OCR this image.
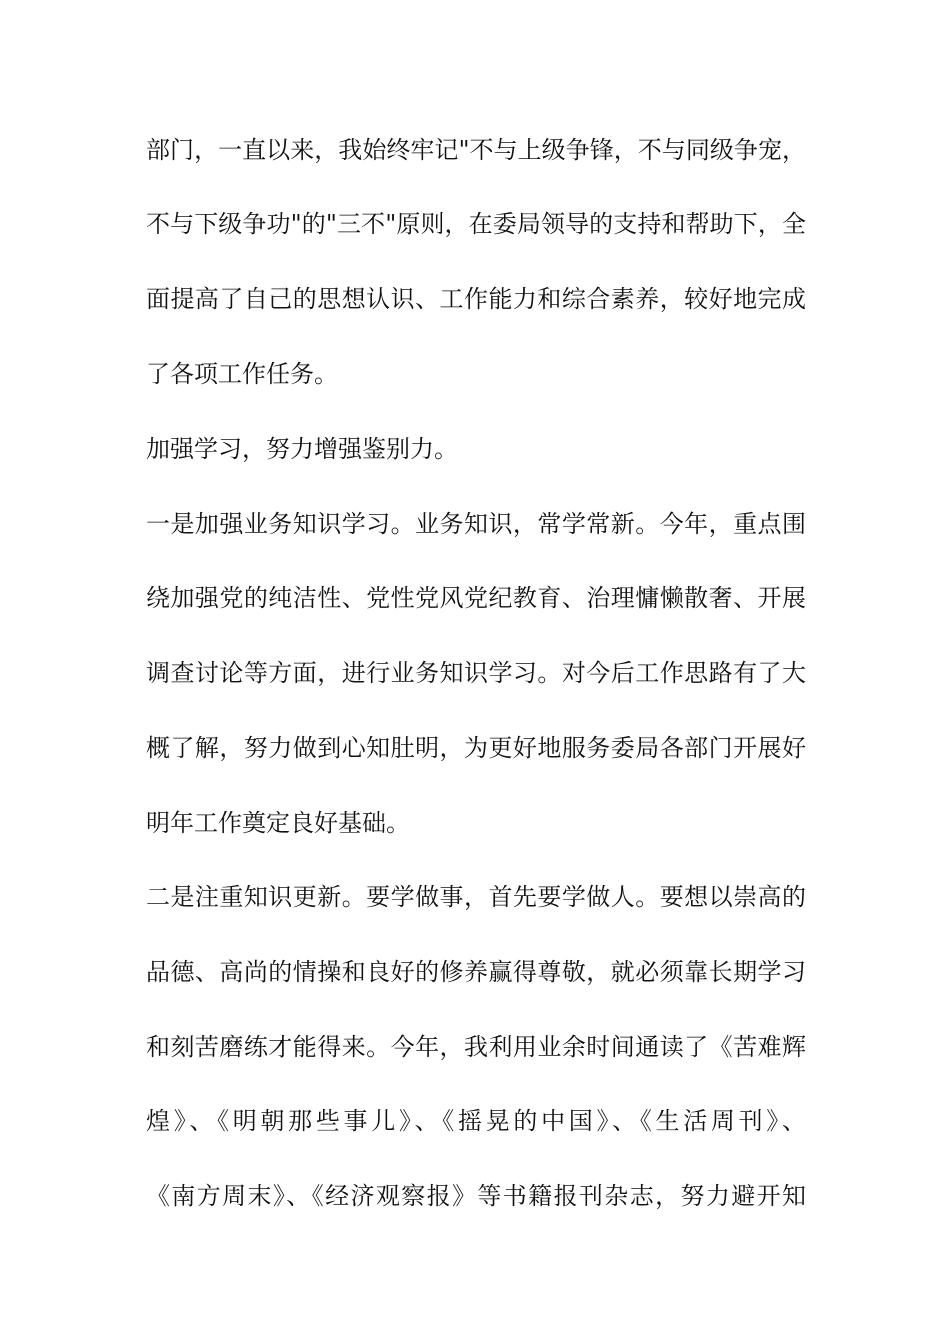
部门，一直以来，我始终牢记"不与上级争锋，不与同级争宠，
不与下级争功"的"三不"原则，在委局领导的支持和帮助下，全
面提高了自己的思想认识、工作能力和综合素养，较好地完成
了各项工作任务。
加强学习，努力增强鉴别力。
一是加强业务知识学习。业务知识，常学常新。今年，重点围
绕加强党的纯洁性、党性党风党纪教育、治理慵懒散奢、开展
调查讨论等方面，进行业务知识学习。对今后工作思路有了大
概了解，努力做到心知肚明，为更好地服务委局各部门开展好
明年工作奠定良好基础。
二是注重知识更新。要学做事，首先要学做人。要想以崇高的
品德、高尚的情操和良好的修养赢得尊敬，就必须靠长期学习
和刻苦磨练才能得来。今年，我利用业余时间通读了《苦难辉
煌》、《明朝那些事儿》、《摇晃的中国》、《生活周刊》、
《南方周末》、《经济观察报》等书籍报刊杂志，努力避开知
